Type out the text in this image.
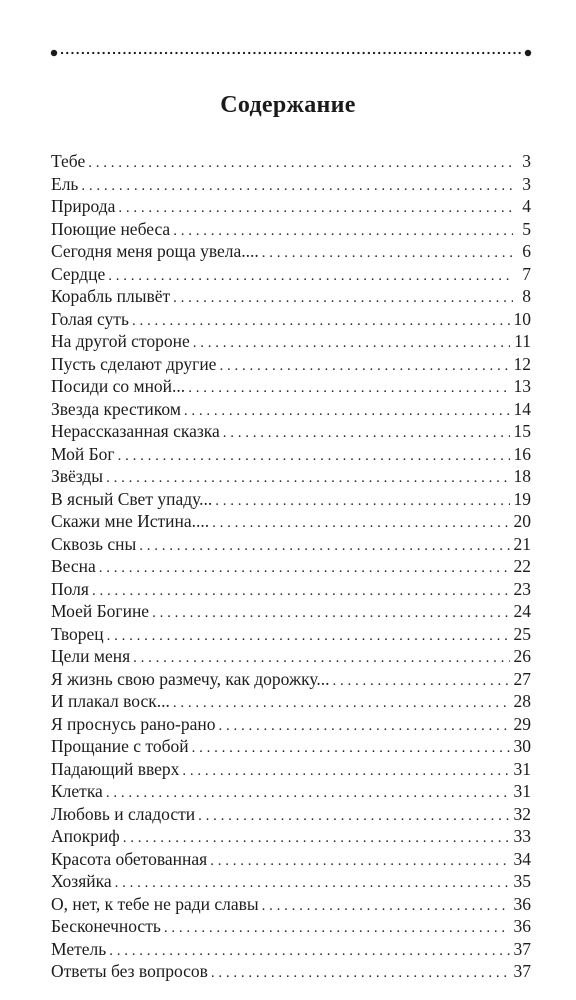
Содержание
Тебе . . .	3
Ель . . .	3
Природа . . .	4
Поющие небеса . . .	5
Сегодня меня роща увела.... . . .	6
Сердце . . .	7
Корабль плывёт . . .	8
Голая суть . . .	10
На другой стороне . . .	11
Пусть сделают другие . . .	12
Посиди со мной... . . .	13
Звезда крестиком . . .	14
Нерассказанная сказка . . .	15
Мой Бог . . .	16
Звёзды . . .	18
В ясный Свет упаду... . . .	19
Скажи мне Истина.... . . .	20
Сквозь сны . . .	21
Весна . . .	22
Поля . . .	23
Моей Богине . . .	24
Творец . . .	25
Цели меня . . .	26
Я жизнь свою размечу, как дорожку... . . .	27
И плакал воск... . . .	28
Я проснусь рано-рано . . .	29
Прощание с тобой . . .	30
Падающий вверх . . .	31
Клетка . . .	31
Любовь и сладости . . .	32
Апокриф . . .	33
Красота обетованная . . .	34
Хозяйка . . .	35
О, нет, к тебе не ради славы . . .	36
Бесконечность . . .	36
Метель . . .	37
Ответы без вопросов . . .	37
